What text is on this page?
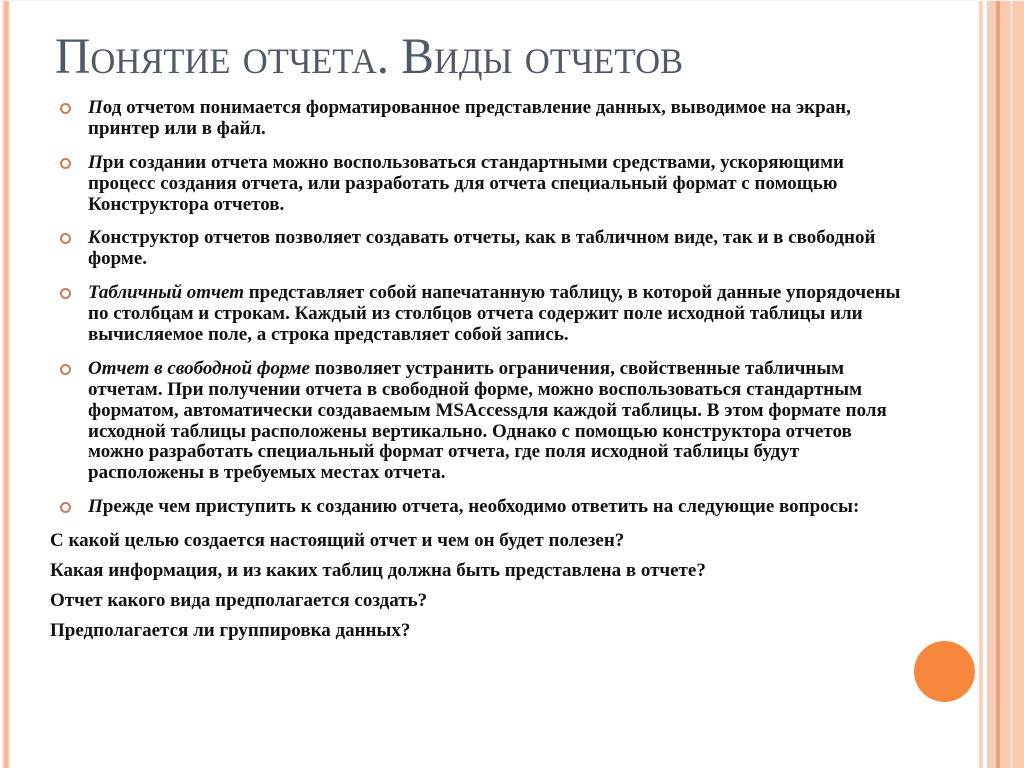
Понятие отчета. Виды отчетов
Под отчетом понимается форматированное представление данных, выводимое на экран, принтер или в файл.
При создании отчета можно воспользоваться стандартными средствами, ускоряющими процесс создания отчета, или разработать для отчета специальный формат с помощью Конструктора отчетов.
Конструктор отчетов позволяет создавать отчеты, как в табличном виде, так и в свободной форме.
Табличный отчет представляет собой напечатанную таблицу, в которой данные упорядочены по столбцам и строкам. Каждый из столбцов отчета содержит поле исходной таблицы или вычисляемое поле, а строка представляет собой запись.
Отчет в свободной форме позволяет устранить ограничения, свойственные табличным отчетам. При получении отчета в свободной форме, можно воспользоваться стандартным форматом, автоматически создаваемым MSAccessдля каждой таблицы. В этом формате поля исходной таблицы расположены вертикально. Однако с помощью конструктора отчетов можно разработать специальный формат отчета, где поля исходной таблицы будут расположены в требуемых местах отчета.
Прежде чем приступить к созданию отчета, необходимо ответить на следующие вопросы:
С какой целью создается настоящий отчет и чем он будет полезен?
Какая информация, и из каких таблиц должна быть представлена в отчете?
Отчет какого вида предполагается создать?
Предполагается ли группировка данных?
